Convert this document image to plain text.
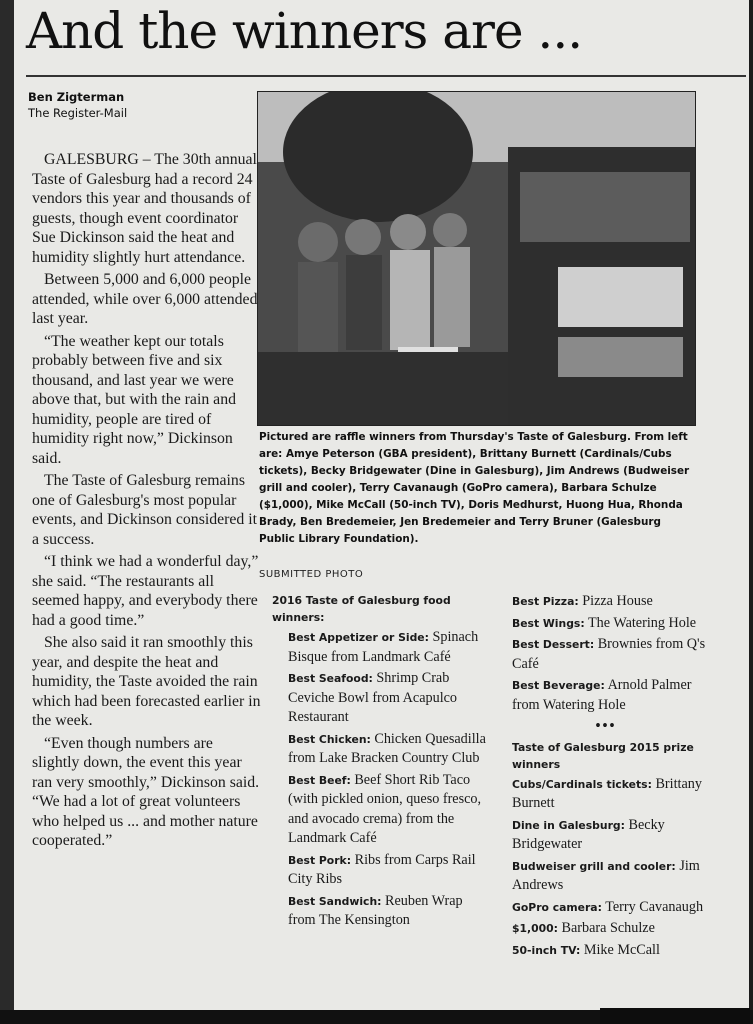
And the winners are ...
Ben Zigterman
The Register-Mail

GALESBURG – The 30th annual Taste of Galesburg had a record 24 vendors this year and thousands of guests, though event coordinator Sue Dickinson said the heat and humidity slightly hurt attendance.

Between 5,000 and 6,000 people attended, while over 6,000 attended last year.

“The weather kept our totals probably between five and six thousand, and last year we were above that, but with the rain and humidity, people are tired of humidity right now,” Dickinson said.

The Taste of Galesburg remains one of Galesburg's most popular events, and Dickinson considered it a success.

“I think we had a wonderful day,” she said. “The restaurants all seemed happy, and everybody there had a good time.”

She also said it ran smoothly this year, and despite the heat and humidity, the Taste avoided the rain which had been forecasted earlier in the week.

“Even though numbers are slightly down, the event this year ran very smoothly,” Dickinson said. “We had a lot of great volunteers who helped us ... and mother nature cooperated.”

Pictured are raffle winners from Thursday's Taste of Galesburg. From left are: Amye Peterson (GBA president), Brittany Burnett (Cardinals/Cubs tickets), Becky Bridgewater (Dine in Galesburg), Jim Andrews (Budweiser grill and cooler), Terry Cavanaugh (GoPro camera), Barbara Schulze ($1,000), Mike McCall (50-inch TV), Doris Medhurst, Huong Hua, Rhonda Brady, Ben Bredemeier, Jen Bredemeier and Terry Bruner (Galesburg Public Library Foundation).
SUBMITTED PHOTO

2016 Taste of Galesburg food winners:

Best Appetizer or Side: Spinach Bisque from Landmark Café

Best Seafood: Shrimp Crab Ceviche Bowl from Acapulco Restaurant

Best Chicken: Chicken Quesadilla from Lake Bracken Country Club

Best Beef: Beef Short Rib Taco (with pickled onion, queso fresco, and avocado crema) from the Landmark Café

Best Pork: Ribs from Carps Rail City Ribs

Best Sandwich: Reuben Wrap from The Kensington

Best Pizza: Pizza House

Best Wings: The Watering Hole

Best Dessert: Brownies from Q's Café

Best Beverage: Arnold Palmer from Watering Hole

•••

Taste of Galesburg 2015 prize winners

Cubs/Cardinals tickets: Brittany Burnett

Dine in Galesburg: Becky Bridgewater

Budweiser grill and cooler: Jim Andrews

GoPro camera: Terry Cavanaugh

$1,000: Barbara Schulze

50-inch TV: Mike McCall
